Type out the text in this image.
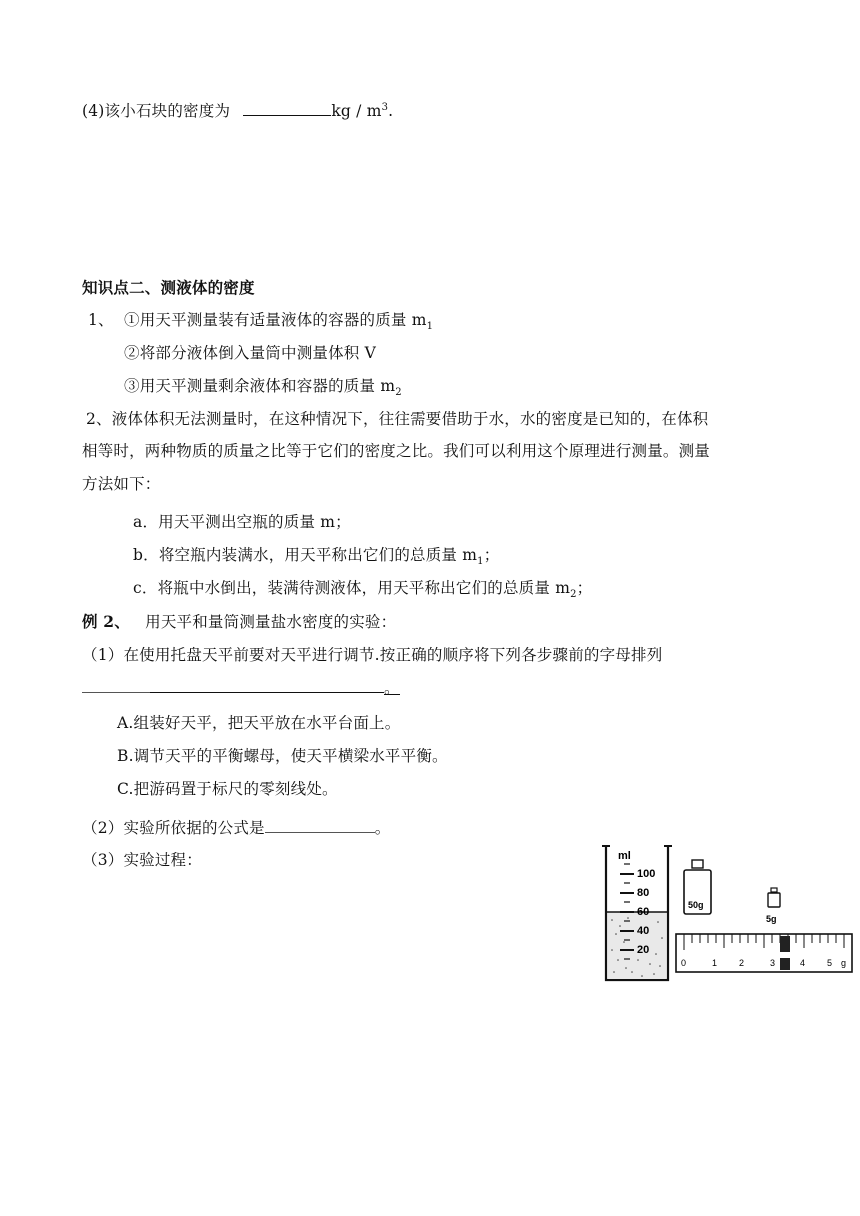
(4)该小石块的密度为	kg / $m^3$.
知识点二、测液体的密度
1、 ①用天平测量装有适量液体的容器的质量 $m_1$
②将部分液体倒入量筒中测量体积 V
③用天平测量剩余液体和容器的质量 $m_2$
2、液体体积无法测量时，在这种情况下，往往需要借助于水，水的密度是已知的，在体积
相等时，两种物质的质量之比等于它们的密度之比。我们可以利用这个原理进行测量。测量
方法如下：
a．用天平测出空瓶的质量 m；
b．将空瓶内装满水，用天平称出它们的总质量 $m_1$；
c．将瓶中水倒出，装满待测液体，用天平称出它们的总质量 $m_2$；
例 2、 用天平和量筒测量盐水密度的实验：
（1）在使用托盘天平前要对天平进行调节.按正确的顺序将下列各步骤前的字母排列
。
A.组装好天平，把天平放在水平台面上。
B.调节天平的平衡螺母，使天平横梁水平平衡。
C.把游码置于标尺的零刻线处。
（2）实验所依据的公式是	。
（3）实验过程：	ml
100
80
60
40
20
50g
5g
0	1 2	3	4 5 g
